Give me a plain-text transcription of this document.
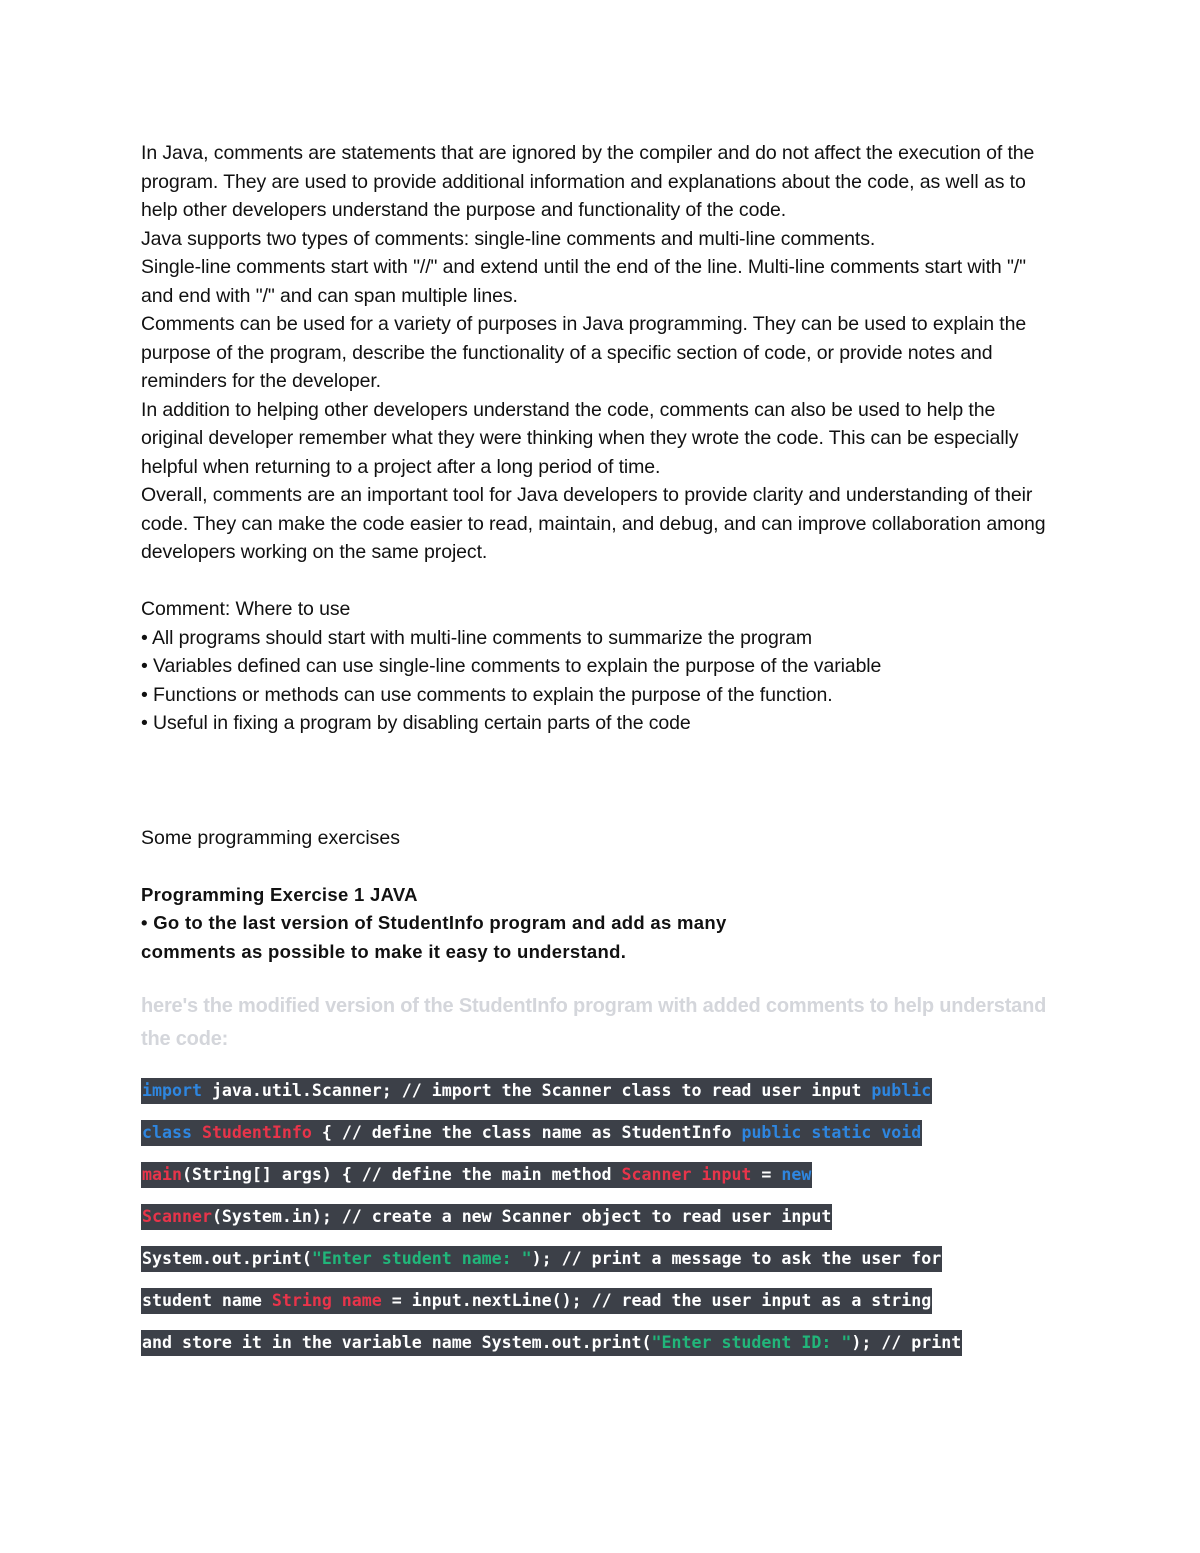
In Java, comments are statements that are ignored by the compiler and do not affect the execution of the program. They are used to provide additional information and explanations about the code, as well as to help other developers understand the purpose and functionality of the code.

Java supports two types of comments: single-line comments and multi-line comments.

Single-line comments start with "//" and extend until the end of the line. Multi-line comments start with "/" and end with "/" and can span multiple lines.

Comments can be used for a variety of purposes in Java programming. They can be used to explain the purpose of the program, describe the functionality of a specific section of code, or provide notes and reminders for the developer.

In addition to helping other developers understand the code, comments can also be used to help the original developer remember what they were thinking when they wrote the code. This can be especially helpful when returning to a project after a long period of time.

Overall, comments are an important tool for Java developers to provide clarity and understanding of their code. They can make the code easier to read, maintain, and debug, and can improve collaboration among developers working on the same project.

Comment: Where to use

• All programs should start with multi-line comments to summarize the program

• Variables defined can use single-line comments to explain the purpose of the variable

• Functions or methods can use comments to explain the purpose of the function.

• Useful in fixing a program by disabling certain parts of the code

Some programming exercises

Programming Exercise 1 JAVA

• Go to the last version of StudentInfo program and add as many

comments as possible to make it easy to understand.

here's the modified version of the StudentInfo program with added comments to help understand the code:

import java.util.Scanner; // import the Scanner class to read user input public
class StudentInfo { // define the class name as StudentInfo public static void
main(String[] args) { // define the main method Scanner input = new
Scanner(System.in); // create a new Scanner object to read user input
System.out.print("Enter student name: "); // print a message to ask the user for
student name String name = input.nextLine(); // read the user input as a string
and store it in the variable name System.out.print("Enter student ID: "); // print
